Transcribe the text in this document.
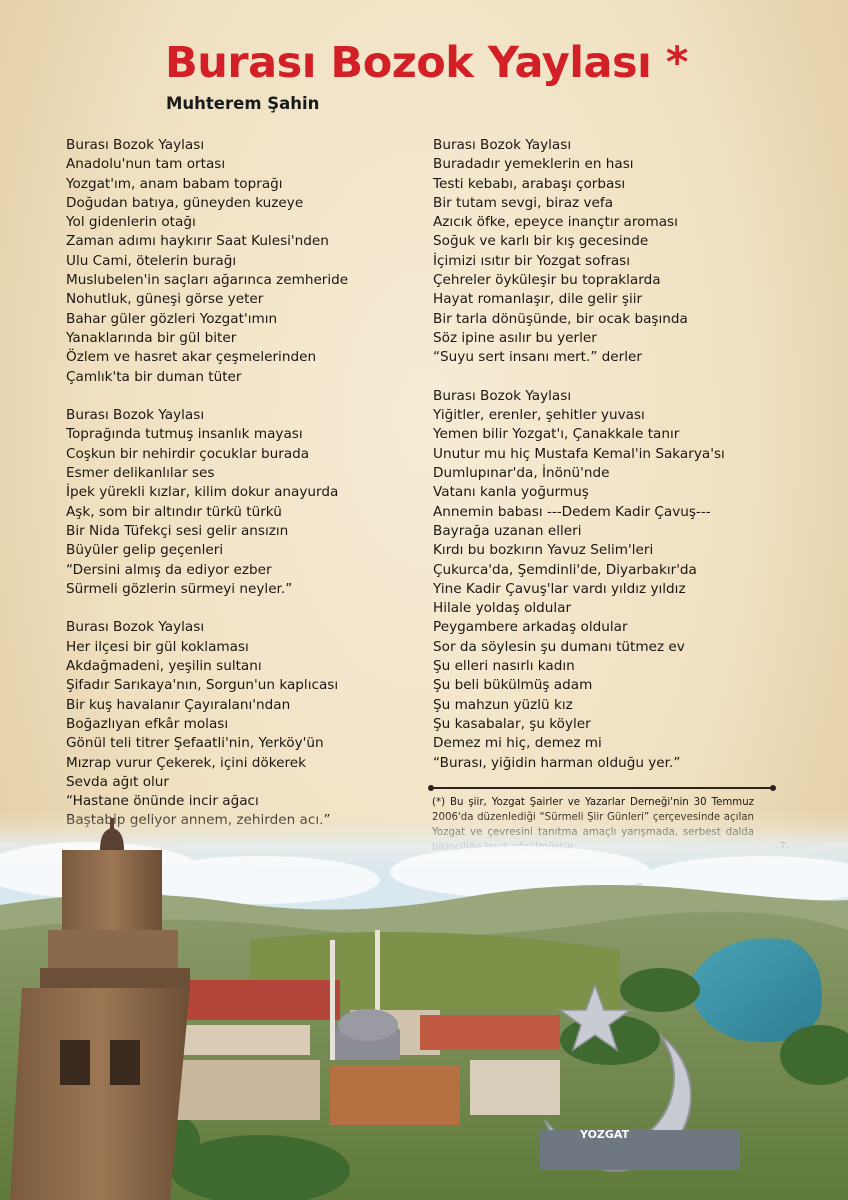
Burası Bozok Yaylası *
Muhterem Şahin
Burası Bozok Yaylası
Anadolu'nun tam ortası
Yozgat'ım, anam babam toprağı
Doğudan batıya, güneyden kuzeye
Yol gidenlerin otağı
Zaman adımı haykırır Saat Kulesi'nden
Ulu Cami, ötelerin burağı
Muslubelen'in saçları ağarınca zemheride
Nohutluk, güneşi görse yeter
Bahar güler gözleri Yozgat'ımın
Yanaklarında bir gül biter
Özlem ve hasret akar çeşmelerinden
Çamlık'ta bir duman tüter
Burası Bozok Yaylası
Toprağında tutmuş insanlık mayası
Coşkun bir nehirdir çocuklar burada
Esmer delikanlılar ses
İpek yürekli kızlar, kilim dokur anayurda
Aşk, som bir altındır türkü türkü
Bir Nida Tüfekçi sesi gelir ansızın
Büyüler gelip geçenleri
“Dersini almış da ediyor ezber
Sürmeli gözlerin sürmeyi neyler.”
Burası Bozok Yaylası
Her ilçesi bir gül koklaması
Akdağmadeni, yeşilin sultanı
Şifadır Sarıkaya'nın, Sorgun'un kaplıcası
Bir kuş havalanır Çayıralanı'ndan
Boğazlıyan efkâr molası
Gönül teli titrer Şefaatli'nin, Yerköy'ün
Mızrap vurur Çekerek, içini dökerek
Sevda ağıt olur
“Hastane önünde incir ağacı
Burası Bozok Yaylası
Buradadır yemeklerin en hası
Testi kebabı, arabaşı çorbası
Bir tutam sevgi, biraz vefa
Azıcık öfke, epeyce inançtır aroması
Soğuk ve karlı bir kış gecesinde
İçimizi ısıtır bir Yozgat sofrası
Çehreler öyküleşir bu topraklarda
Hayat romanlaşır, dile gelir şiir
Bir tarla dönüşünde, bir ocak başında
Söz ipine asılır bu yerler
“Suyu sert insanı mert.” derler
Burası Bozok Yaylası
Yiğitler, erenler, şehitler yuvası
Yemen bilir Yozgat'ı, Çanakkale tanır
Unutur mu hiç Mustafa Kemal'in Sakarya'sı
Dumlupınar'da, İnönü'nde
Vatanı kanla yoğurmuş
Annemin babası ---Dedem Kadir Çavuş---
Bayrağa uzanan elleri
Kırdı bu bozkırın Yavuz Selim'leri
Çukurca'da, Şemdinli'de, Diyarbakır'da
Yine Kadir Çavuş'lar vardı yıldız yıldız
Hilale yoldaş oldular
Peygambere arkadaş oldular
Sor da söylesin şu dumanı tütmez ev
Şu elleri nasırlı kadın
Şu beli bükülmüş adam
Şu mahzun yüzlü kız
Şu kasabalar, şu köyler
Demez mi hiç, demez mi
“Burası, yiğidin harman olduğu yer.”
(*) Bu şiir, Yozgat Şairler ve Yazarlar Derneği'nin 30 Temmuz
YOZGAT
